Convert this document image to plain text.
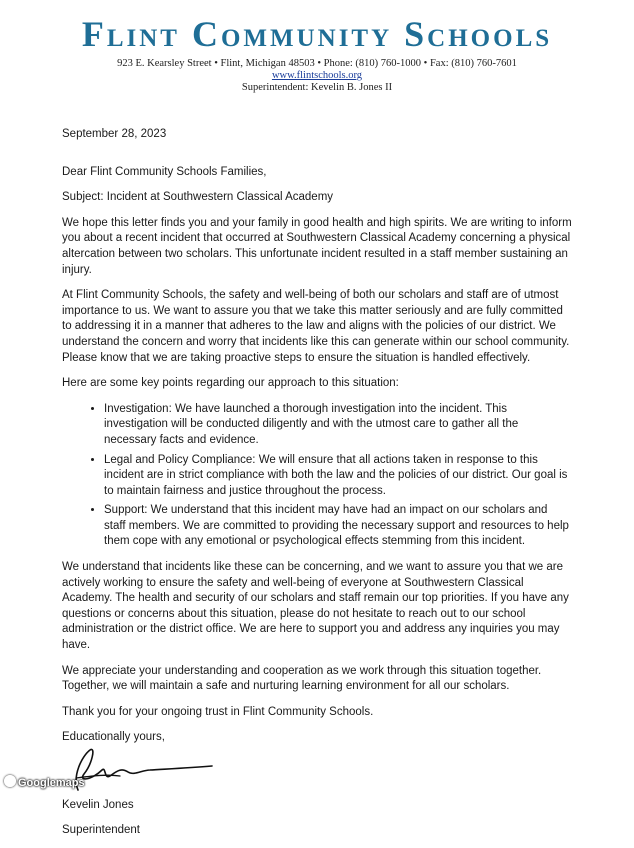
Flint Community Schools
923 E. Kearsley Street • Flint, Michigan 48503 • Phone: (810) 760-1000 • Fax: (810) 760-7601
www.flintschools.org
Superintendent: Kevelin B. Jones II

September 28, 2023

Dear Flint Community Schools Families,

Subject: Incident at Southwestern Classical Academy

We hope this letter finds you and your family in good health and high spirits. We are writing to inform you about a recent incident that occurred at Southwestern Classical Academy concerning a physical altercation between two scholars. This unfortunate incident resulted in a staff member sustaining an injury.

At Flint Community Schools, the safety and well-being of both our scholars and staff are of utmost importance to us. We want to assure you that we take this matter seriously and are fully committed to addressing it in a manner that adheres to the law and aligns with the policies of our district. We understand the concern and worry that incidents like this can generate within our school community. Please know that we are taking proactive steps to ensure the situation is handled effectively.

Here are some key points regarding our approach to this situation:

• Investigation: We have launched a thorough investigation into the incident. This investigation will be conducted diligently and with the utmost care to gather all the necessary facts and evidence.
• Legal and Policy Compliance: We will ensure that all actions taken in response to this incident are in strict compliance with both the law and the policies of our district. Our goal is to maintain fairness and justice throughout the process.
• Support: We understand that this incident may have had an impact on our scholars and staff members. We are committed to providing the necessary support and resources to help them cope with any emotional or psychological effects stemming from this incident.

We understand that incidents like these can be concerning, and we want to assure you that we are actively working to ensure the safety and well-being of everyone at Southwestern Classical Academy. The health and security of our scholars and staff remain our top priorities. If you have any questions or concerns about this situation, please do not hesitate to reach out to our school administration or the district office. We are here to support you and address any inquiries you may have.

We appreciate your understanding and cooperation as we work through this situation together. Together, we will maintain a safe and nurturing learning environment for all our scholars.

Thank you for your ongoing trust in Flint Community Schools.

Educationally yours,

Kevelin Jones

Superintendent

Googlemaps
